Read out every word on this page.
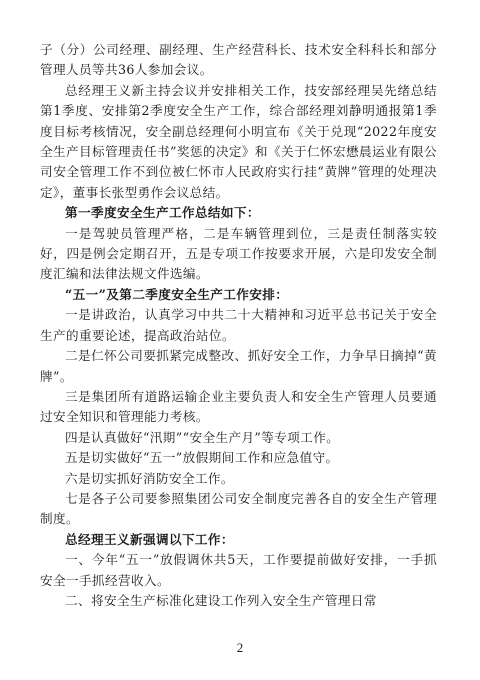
子（分）公司经理、副经理、生产经营科长、技术安全科科长和部分管理人员等共36人参加会议。

总经理王义新主持会议并安排相关工作，技安部经理吴先绪总结第1季度、安排第2季度安全生产工作，综合部经理刘静明通报第1季度目标考核情况，安全副总经理何小明宣布《关于兑现“2022年度安全生产目标管理责任书”奖惩的决定》和《关于仁怀宏懋晨运业有限公司安全管理工作不到位被仁怀市人民政府实行挂“黄牌”管理的处理决定》，董事长张型勇作会议总结。

第一季度安全生产工作总结如下：

一是驾驶员管理严格，二是车辆管理到位，三是责任制落实较好，四是例会定期召开，五是专项工作按要求开展，六是印发安全制度汇编和法律法规文件选编。

“五一”及第二季度安全生产工作安排：

一是讲政治，认真学习中共二十大精神和习近平总书记关于安全生产的重要论述，提高政治站位。

二是仁怀公司要抓紧完成整改、抓好安全工作，力争早日摘掉“黄牌”。

三是集团所有道路运输企业主要负责人和安全生产管理人员要通过安全知识和管理能力考核。

四是认真做好“汛期”“安全生产月”等专项工作。

五是切实做好“五一”放假期间工作和应急值守。

六是切实抓好消防安全工作。

七是各子公司要参照集团公司安全制度完善各自的安全生产管理制度。

总经理王义新强调以下工作：

一、今年“五一”放假调休共5天，工作要提前做好安排，一手抓安全一手抓经营收入。

二、将安全生产标准化建设工作列入安全生产管理日常

2
